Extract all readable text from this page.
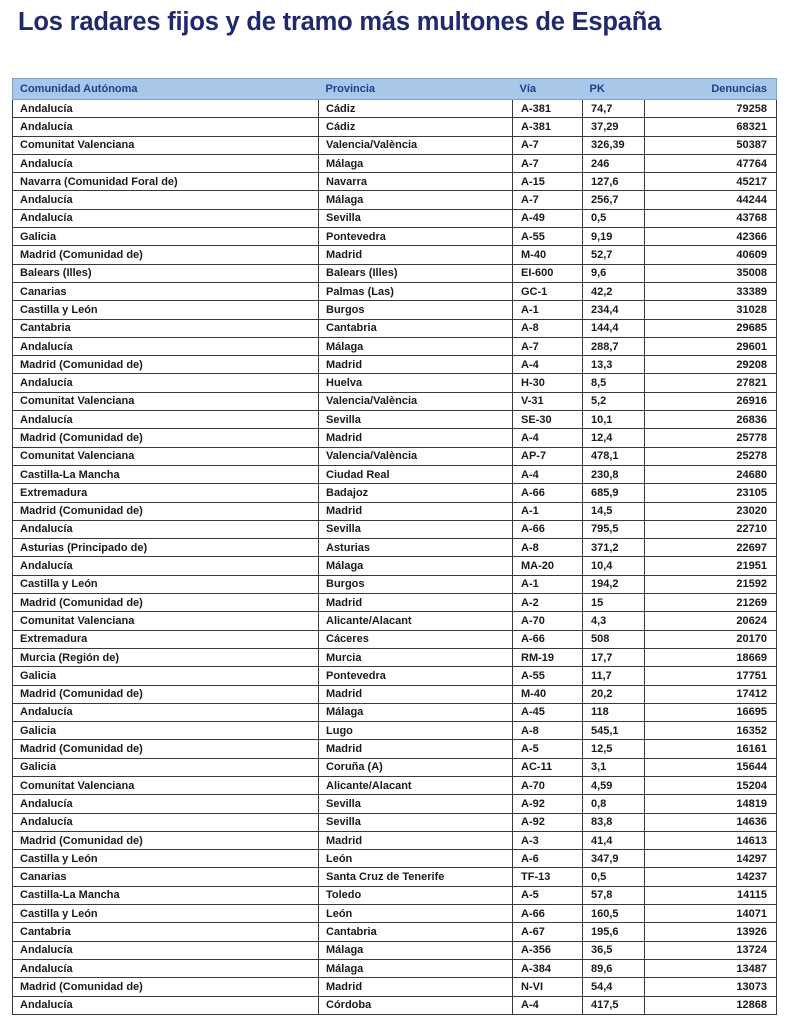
Los radares fijos y de tramo más multones de España
Comunidad Autónoma	Provincia	Vía	PK	Denuncias
Andalucía	Cádiz	A-381	74,7	79258
Andalucía	Cádiz	A-381	37,29	68321
Comunitat Valenciana	Valencia/València	A-7	326,39	50387
Andalucía	Málaga	A-7	246	47764
Navarra (Comunidad Foral de)	Navarra	A-15	127,6	45217
Andalucía	Málaga	A-7	256,7	44244
Andalucía	Sevilla	A-49	0,5	43768
Galicia	Pontevedra	A-55	9,19	42366
Madrid (Comunidad de)	Madrid	M-40	52,7	40609
Balears (Illes)	Balears (Illes)	EI-600	9,6	35008
Canarias	Palmas (Las)	GC-1	42,2	33389
Castilla y León	Burgos	A-1	234,4	31028
Cantabria	Cantabria	A-8	144,4	29685
Andalucía	Málaga	A-7	288,7	29601
Madrid (Comunidad de)	Madrid	A-4	13,3	29208
Andalucía	Huelva	H-30	8,5	27821
Comunitat Valenciana	Valencia/València	V-31	5,2	26916
Andalucía	Sevilla	SE-30	10,1	26836
Madrid (Comunidad de)	Madrid	A-4	12,4	25778
Comunitat Valenciana	Valencia/València	AP-7	478,1	25278
Castilla-La Mancha	Ciudad Real	A-4	230,8	24680
Extremadura	Badajoz	A-66	685,9	23105
Madrid (Comunidad de)	Madrid	A-1	14,5	23020
Andalucía	Sevilla	A-66	795,5	22710
Asturias (Principado de)	Asturias	A-8	371,2	22697
Andalucía	Málaga	MA-20	10,4	21951
Castilla y León	Burgos	A-1	194,2	21592
Madrid (Comunidad de)	Madrid	A-2	15	21269
Comunitat Valenciana	Alicante/Alacant	A-70	4,3	20624
Extremadura	Cáceres	A-66	508	20170
Murcia (Región de)	Murcia	RM-19	17,7	18669
Galicia	Pontevedra	A-55	11,7	17751
Madrid (Comunidad de)	Madrid	M-40	20,2	17412
Andalucía	Málaga	A-45	118	16695
Galicia	Lugo	A-8	545,1	16352
Madrid (Comunidad de)	Madrid	A-5	12,5	16161
Galicia	Coruña (A)	AC-11	3,1	15644
Comunitat Valenciana	Alicante/Alacant	A-70	4,59	15204
Andalucía	Sevilla	A-92	0,8	14819
Andalucía	Sevilla	A-92	83,8	14636
Madrid (Comunidad de)	Madrid	A-3	41,4	14613
Castilla y León	León	A-6	347,9	14297
Canarias	Santa Cruz de Tenerife	TF-13	0,5	14237
Castilla-La Mancha	Toledo	A-5	57,8	14115
Castilla y León	León	A-66	160,5	14071
Cantabria	Cantabria	A-67	195,6	13926
Andalucía	Málaga	A-356	36,5	13724
Andalucía	Málaga	A-384	89,6	13487
Madrid (Comunidad de)	Madrid	N-VI	54,4	13073
Andalucía	Córdoba	A-4	417,5	12868
